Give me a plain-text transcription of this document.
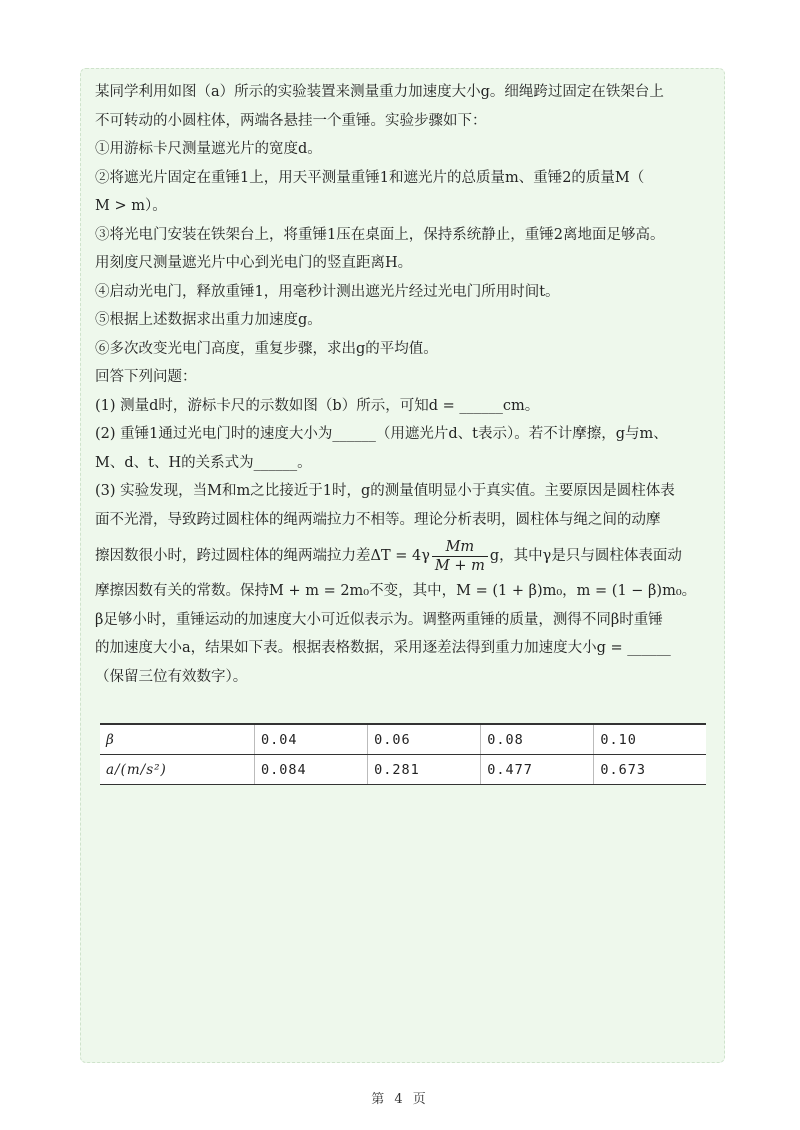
某同学利用如图（a）所示的实验装置来测量重力加速度大小g。细绳跨过固定在铁架台上

不可转动的小圆柱体，两端各悬挂一个重锤。实验步骤如下：

①用游标卡尺测量遮光片的宽度d。

②将遮光片固定在重锤1上，用天平测量重锤1和遮光片的总质量m、重锤2的质量M（

M > m）。

③将光电门安装在铁架台上，将重锤1压在桌面上，保持系统静止，重锤2离地面足够高。

用刻度尺测量遮光片中心到光电门的竖直距离H。

④启动光电门，释放重锤1，用毫秒计测出遮光片经过光电门所用时间t。

⑤根据上述数据求出重力加速度g。

⑥多次改变光电门高度，重复步骤，求出g的平均值。

回答下列问题：

(1) 测量d时，游标卡尺的示数如图（b）所示，可知d = ______cm。

(2) 重锤1通过光电门时的速度大小为______（用遮光片d、t表示）。若不计摩擦，g与m、

M、d、t、H的关系式为______。

(3) 实验发现，当M和m之比接近于1时，g的测量值明显小于真实值。主要原因是圆柱体表

面不光滑，导致跨过圆柱体的绳两端拉力不相等。理论分析表明，圆柱体与绳之间的动摩

擦因数很小时，跨过圆柱体的绳两端拉力差$\Delta T = 4\gamma \frac{Mm}{M + m}$ g，其中γ是只与圆柱体表面动

摩擦因数有关的常数。保持M + m = 2m₀不变，其中，M = (1 + β)m₀，m = (1 − β)m₀。

β足够小时，重锤运动的加速度大小可近似表示为。调整两重锤的质量，测得不同β时重锤

的加速度大小a，结果如下表。根据表格数据，采用逐差法得到重力加速度大小g = ______

（保留三位有效数字）。

β	0.04	0.06	0.08	0.10
a/(m/s²)	0.084	0.281	0.477	0.673
第 4 页
